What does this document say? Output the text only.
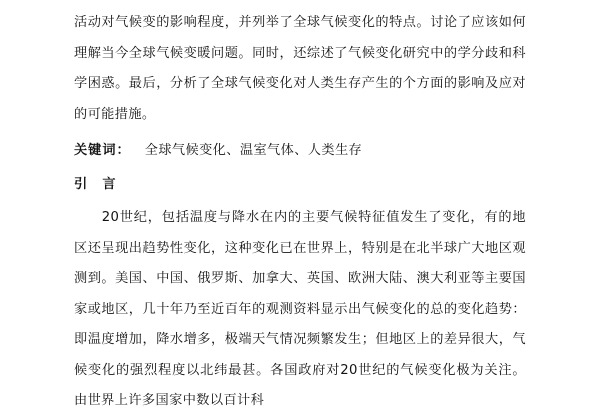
活动对气候变的影响程度，并列举了全球气候变化的特点。讨论了应该如何理解当今全球气候变暖问题。同时，还综述了气候变化研究中的学分歧和科学困惑。最后，分析了全球气候变化对人类生存产生的个方面的影响及应对的可能措施。

关键词： 全球气候变化、温室气体、人类生存

引　言

20世纪，包括温度与降水在内的主要气候特征值发生了变化，有的地区还呈现出趋势性变化，这种变化已在世界上，特别是在北半球广大地区观测到。美国、中国、俄罗斯、加拿大、英国、欧洲大陆、澳大利亚等主要国家或地区，几十年乃至近百年的观测资料显示出气候变化的总的变化趋势：即温度增加，降水增多，极端天气情况频繁发生；但地区上的差异很大，气候变化的强烈程度以北纬最甚。各国政府对20世纪的气候变化极为关注。由世界上许多国家中数以百计科
